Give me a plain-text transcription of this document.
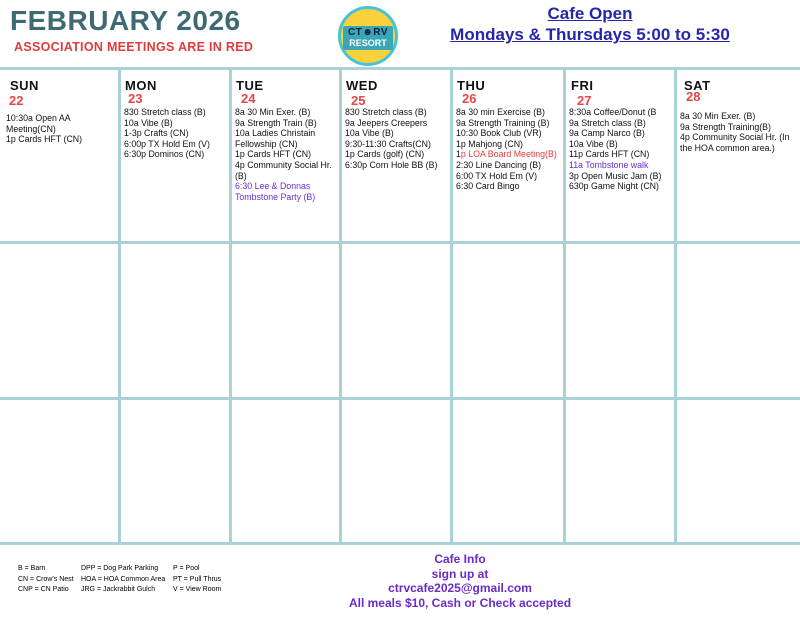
FEBRUARY 2026
ASSOCIATION MEETINGS ARE IN RED
CT☻RV
RESORT
Cafe Open
Mondays & Thursdays 5:00 to 5:30
SUN
22
10:30a Open AA Meeting(CN)
1p Cards HFT (CN)
MON
23
830 Stretch class (B)
10a Vibe (B)
1-3p Crafts (CN)
6:00p TX Hold Em (V)
6:30p Dominos (CN)
TUE
24
8a 30 Min Exer. (B)
9a Strength Train (B)
10a Ladies Christain Fellowship (CN)
1p Cards HFT (CN)
4p Community Social Hr. (B)
6:30 Lee & Donnas Tombstone Party (B)
WED
25
830 Stretch class (B)
9a Jeepers Creepers
10a Vibe (B)
9:30-11:30 Crafts(CN)
1p Cards (golf) (CN)
6:30p Corn Hole BB (B)
THU
26
8a 30 min Exercise (B)
9a Strength Training (B)
10:30 Book Club (VR)
1p Mahjong (CN)
1p LOA Board Meeting(B)
2:30 Line Dancing (B)
6:00 TX Hold Em (V)
6:30 Card Bingo
FRI
27
8:30a Coffee/Donut (B
9a Stretch class (B)
9a Camp Narco (B)
10a Vibe (B)
11p Cards HFT (CN)
11a Tombstone walk
3p Open Music Jam (B)
630p Game Night (CN)
SAT
28
8a 30 Min Exer. (B)
9a Strength Training(B)
4p Community Social Hr. (In the HOA common area.)
B = Barn	DPP = Dog Park Parking	P = Pool
CN = Crow's Nest	HOA = HOA Common Area	PT = Pull Thrus
CNP = CN Patio	JRG = Jackrabbit Gulch	V = View Room
Cafe Info
sign up at
ctrvcafe2025@gmail.com
All meals $10, Cash or Check accepted
